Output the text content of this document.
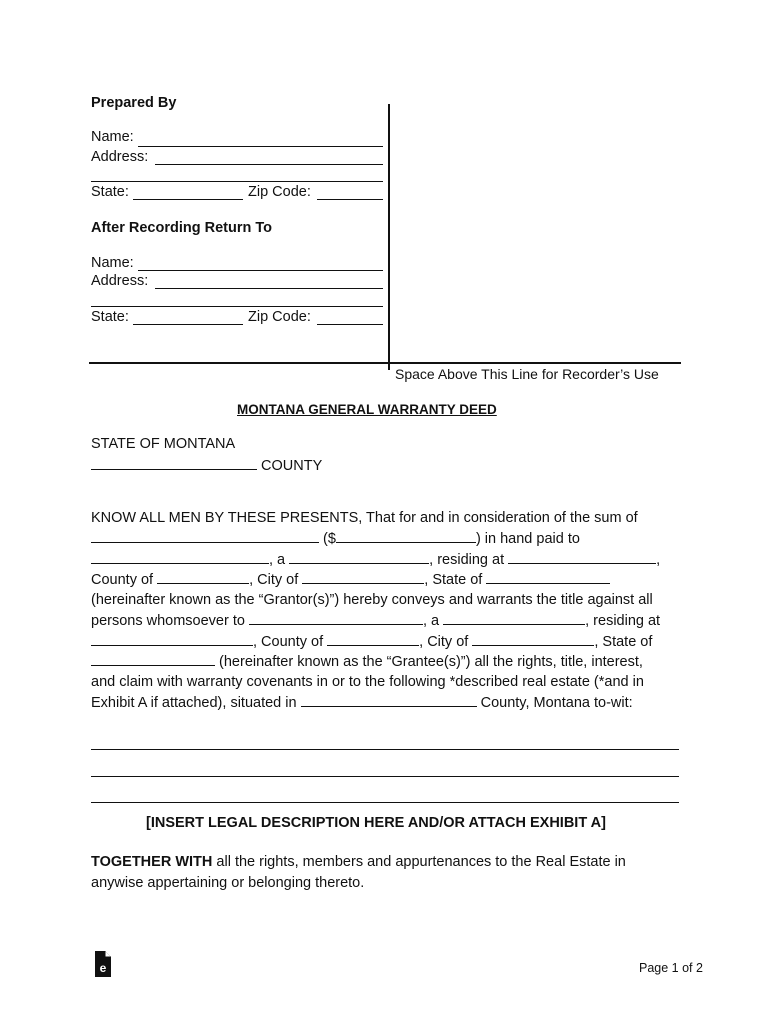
Prepared By
Name:
Address:
State:	Zip Code:
After Recording Return To
Name:
Address:
State:	Zip Code:
Space Above This Line for Recorder’s Use
MONTANA GENERAL WARRANTY DEED
STATE OF MONTANA
COUNTY
KNOW ALL MEN BY THESE PRESENTS, That for and in consideration of the sum of
($	) in hand paid to
, a	, residing at	,
County of	, City of	, State of
(hereinafter known as the “Grantor(s)”) hereby conveys and warrants the title against all
persons whomsoever to	, a	, residing at
, County of	, City of	, State of
(hereinafter known as the “Grantee(s)”) all the rights, title, interest,
and claim with warranty covenants in or to the following *described real estate (*and in
Exhibit A if attached), situated in	County, Montana to-wit:
[INSERT LEGAL DESCRIPTION HERE AND/OR ATTACH EXHIBIT A]
TOGETHER WITH all the rights, members and appurtenances to the Real Estate in
anywise appertaining or belonging thereto.
e	Page 1 of 2
